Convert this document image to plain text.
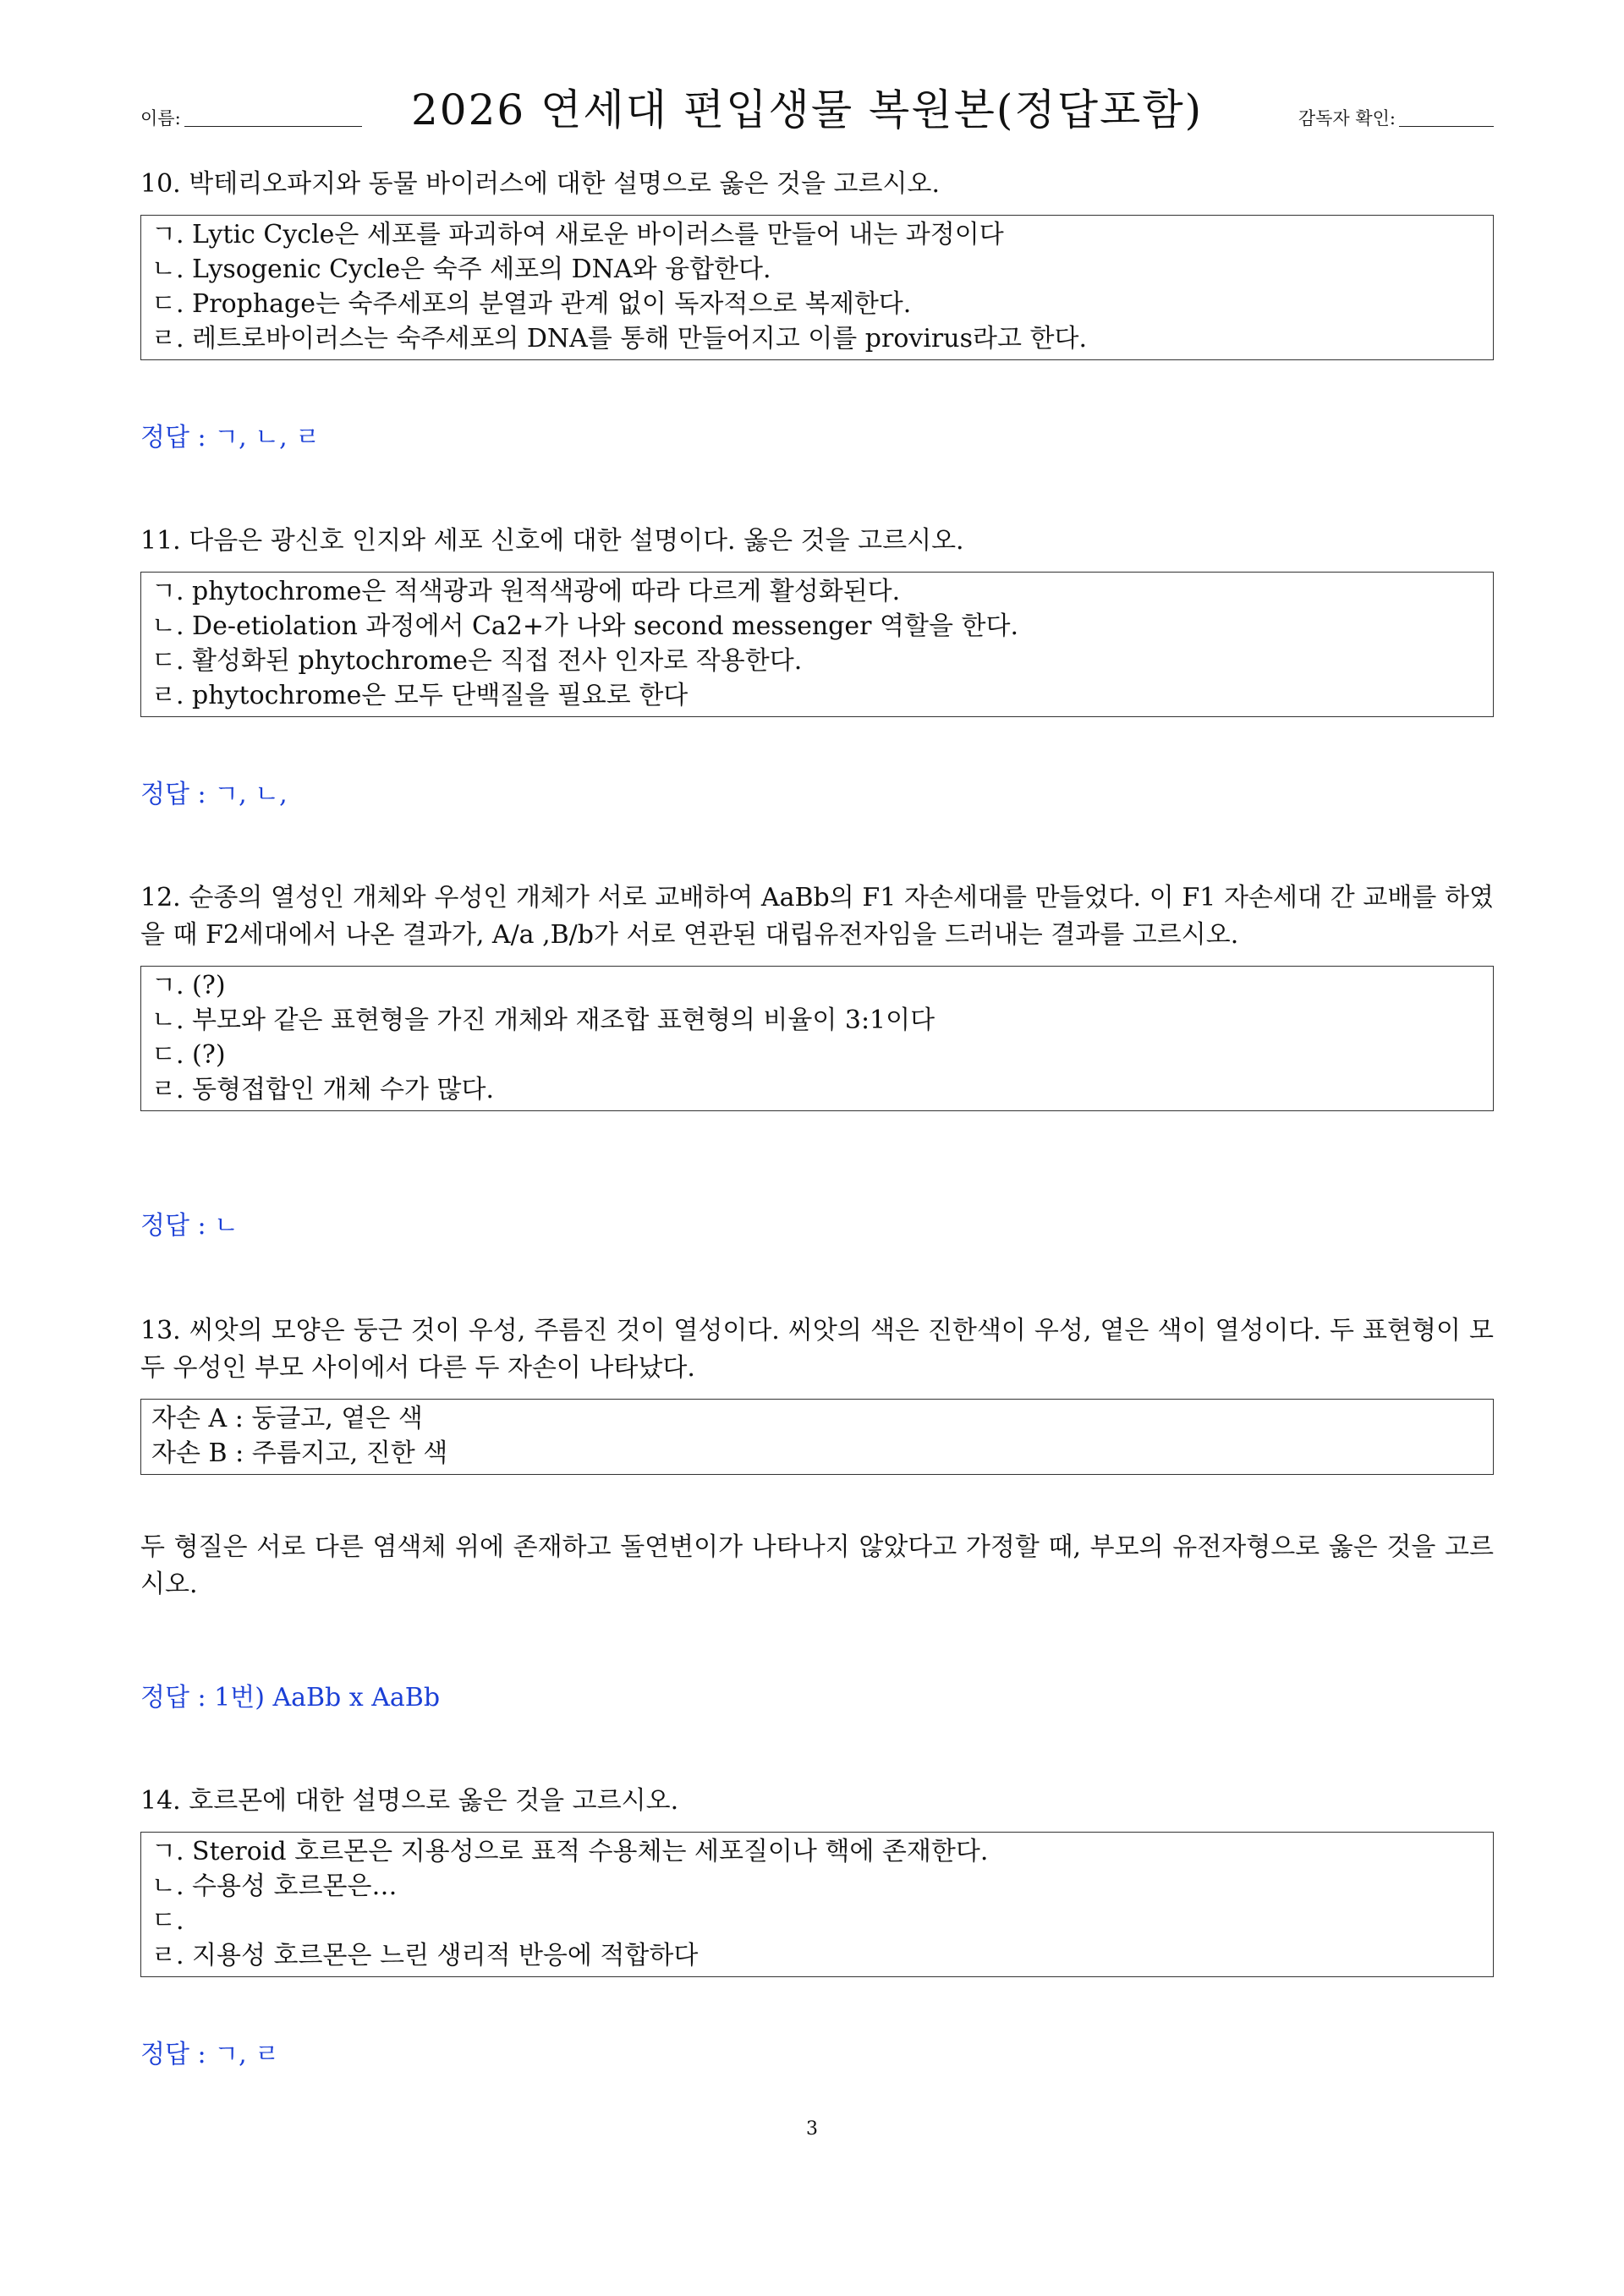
이름:	2026 연세대 편입생물 복원본(정답포함)	감독자 확인:
10. 박테리오파지와 동물 바이러스에 대한 설명으로 옳은 것을 고르시오.
ㄱ. Lytic Cycle은 세포를 파괴하여 새로운 바이러스를 만들어 내는 과정이다
ㄴ. Lysogenic Cycle은 숙주 세포의 DNA와 융합한다.
ㄷ. Prophage는 숙주세포의 분열과 관계 없이 독자적으로 복제한다.
ㄹ. 레트로바이러스는 숙주세포의 DNA를 통해 만들어지고 이를 provirus라고 한다.
정답 : ㄱ, ㄴ, ㄹ
11. 다음은 광신호 인지와 세포 신호에 대한 설명이다. 옳은 것을 고르시오.
ㄱ. phytochrome은 적색광과 원적색광에 따라 다르게 활성화된다.
ㄴ. De-etiolation 과정에서 Ca2+가 나와 second messenger 역할을 한다.
ㄷ. 활성화된 phytochrome은 직접 전사 인자로 작용한다.
ㄹ. phytochrome은 모두 단백질을 필요로 한다
정답 : ㄱ, ㄴ,
12. 순종의 열성인 개체와 우성인 개체가 서로 교배하여 AaBb의 F1 자손세대를 만들었다. 이 F1 자손세대 간 교배를 하였을 때 F2세대에서 나온 결과가, A/a ,B/b가 서로 연관된 대립유전자임을 드러내는 결과를 고르시오.
ㄱ. (?)
ㄴ. 부모와 같은 표현형을 가진 개체와 재조합 표현형의 비율이 3:1이다
ㄷ. (?)
ㄹ. 동형접합인 개체 수가 많다.
정답 : ㄴ
13. 씨앗의 모양은 둥근 것이 우성, 주름진 것이 열성이다. 씨앗의 색은 진한색이 우성, 옅은 색이 열성이다. 두 표현형이 모두 우성인 부모 사이에서 다른 두 자손이 나타났다.
자손 A : 둥글고, 옅은 색
자손 B : 주름지고, 진한 색
두 형질은 서로 다른 염색체 위에 존재하고 돌연변이가 나타나지 않았다고 가정할 때, 부모의 유전자형으로 옳은 것을 고르시오.
정답 : 1번) AaBb x AaBb
14. 호르몬에 대한 설명으로 옳은 것을 고르시오.
ㄱ. Steroid 호르몬은 지용성으로 표적 수용체는 세포질이나 핵에 존재한다.
ㄴ. 수용성 호르몬은…
ㄷ.
ㄹ. 지용성 호르몬은 느린 생리적 반응에 적합하다
정답 : ㄱ, ㄹ
3
